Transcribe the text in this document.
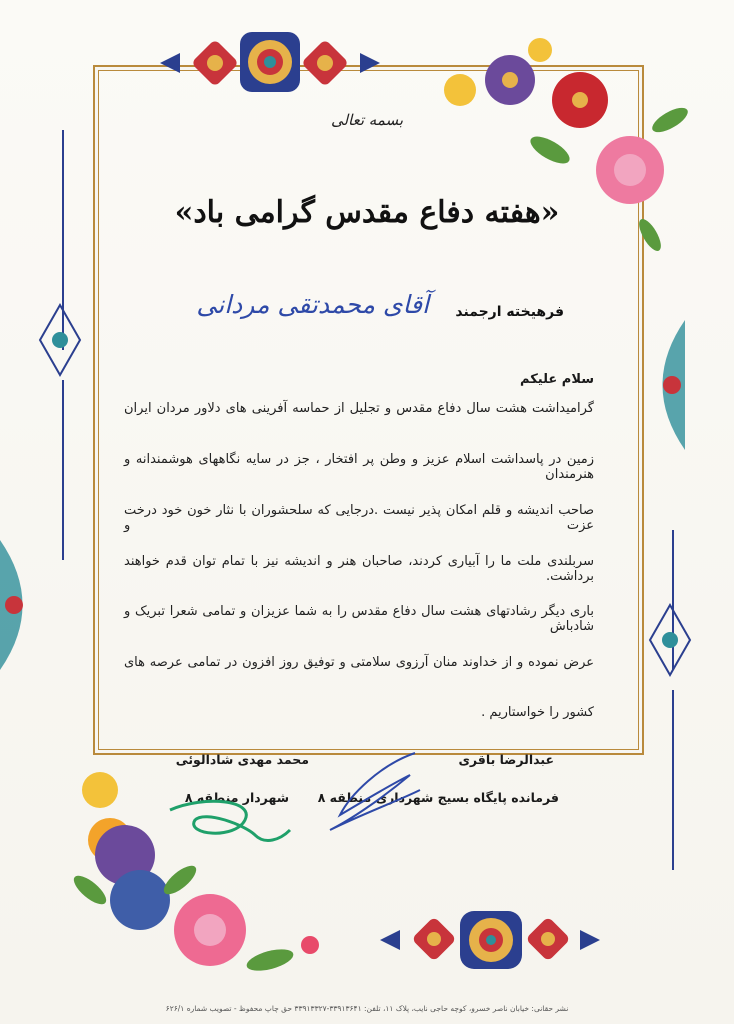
بسمه تعالی
«هفته دفاع مقدس گرامی باد»
فرهیخته ارجمند
آقای محمدتقی مردانی
سلام علیکم
گرامیداشت هشت سال دفاع مقدس و تجلیل از حماسه آفرینی های دلاور مردان ایران
زمین در پاسداشت اسلام عزیز و وطن پر افتخار ، جز در سایه نگاههای هوشمندانه و هنرمندان
صاحب اندیشه و قلم امکان پذیر نیست .درجایی که سلحشوران با نثار خون خود درخت عزت و
سربلندی ملت ما را آبیاری کردند، صاحبان هنر و اندیشه نیز با تمام توان قدم خواهند برداشت.
باری دیگر رشادتهای هشت سال دفاع مقدس را به شما عزیزان و تمامی شعرا تبریک و شادباش
عرض نموده و از خداوند منان آرزوی سلامتی و توفیق روز افزون در تمامی عرصه های
کشور را خواستاریم .
عبدالرضا باقری
فرمانده پایگاه بسیج شهرداری منطقه ۸
محمد مهدی شادالوئی
شهردار منطقه ۸
نشر حقانی: خیابان ناصر خسرو، کوچه حاجی نایب، پلاک ۱۱، تلفن: ۳۳۹۱۳۶۴۱-۳۳۹۱۳۳۲۷ حق چاپ محفوظ - تصویب شماره ۶۲۶/۱
